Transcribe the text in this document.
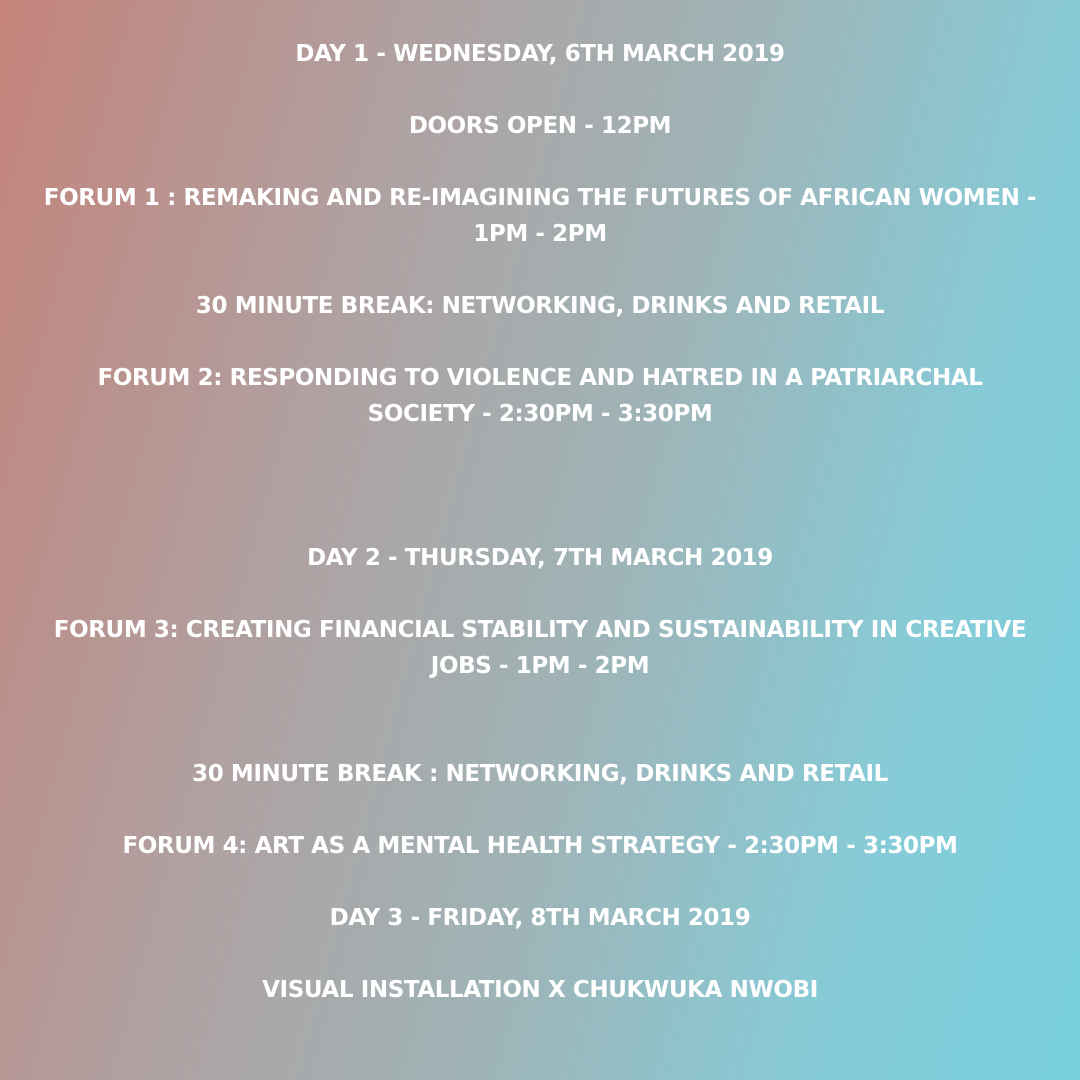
DAY 1 - WEDNESDAY, 6TH MARCH 2019
DOORS OPEN - 12PM
FORUM 1 : REMAKING AND RE-IMAGINING THE FUTURES OF AFRICAN WOMEN - 1PM - 2PM
30 MINUTE BREAK: NETWORKING, DRINKS AND RETAIL
FORUM 2: RESPONDING TO VIOLENCE AND HATRED IN A PATRIARCHAL SOCIETY - 2:30PM - 3:30PM
DAY 2 - THURSDAY, 7TH MARCH 2019
FORUM 3: CREATING FINANCIAL STABILITY AND SUSTAINABILITY IN CREATIVE JOBS - 1PM - 2PM
30 MINUTE BREAK : NETWORKING, DRINKS AND RETAIL
FORUM 4: ART AS A MENTAL HEALTH STRATEGY - 2:30PM - 3:30PM
DAY 3 - FRIDAY, 8TH MARCH 2019
VISUAL INSTALLATION X CHUKWUKA NWOBI
